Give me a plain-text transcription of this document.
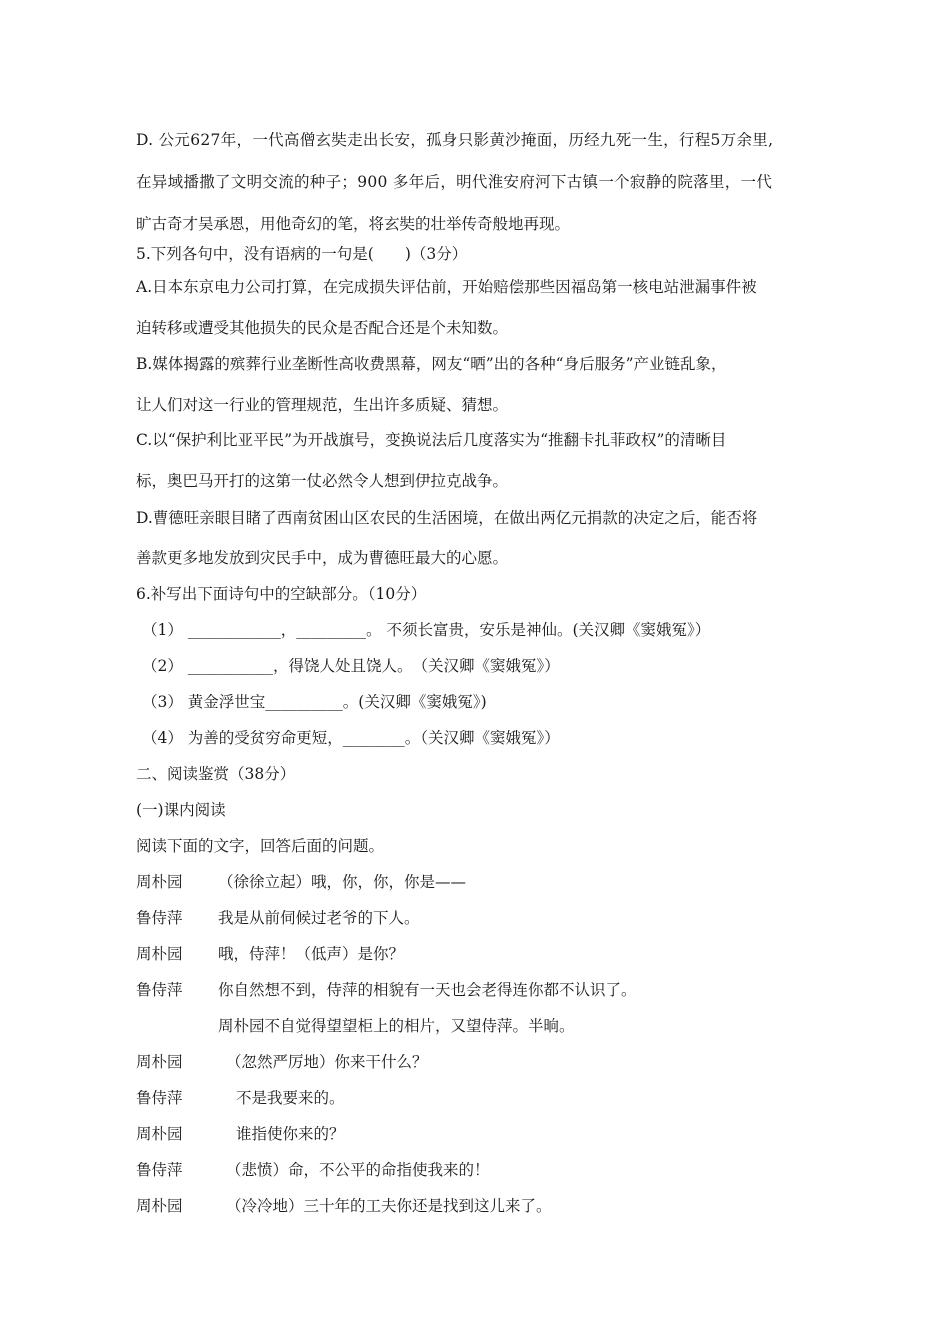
D. 公元627年，一代高僧玄奘走出长安，孤身只影黄沙掩面，历经九死一生，行程5万余里,
在异域播撒了文明交流的种子；900 多年后，明代淮安府河下古镇一个寂静的院落里，一代
旷古奇才吴承恩，用他奇幻的笔，将玄奘的壮举传奇般地再现。
5.下列各句中，没有语病的一句是(　　)（3分）
A.日本东京电力公司打算，在完成损失评估前，开始赔偿那些因福岛第一核电站泄漏事件被
迫转移或遭受其他损失的民众是否配合还是个未知数。
B.媒体揭露的殡葬行业垄断性高收费黑幕，网友“晒”出的各种“身后服务”产业链乱象，
让人们对这一行业的管理规范，生出许多质疑、猜想。
C.以“保护利比亚平民”为开战旗号，变换说法后几度落实为“推翻卡扎菲政权”的清晰目
标，奥巴马开打的这第一仗必然令人想到伊拉克战争。
D.曹德旺亲眼目睹了西南贫困山区农民的生活困境，在做出两亿元捐款的决定之后，能否将
善款更多地发放到灾民手中，成为曹德旺最大的心愿。
6.补写出下面诗句中的空缺部分。（10分）
（1） ____________，_________。 不须长富贵，安乐是神仙。(关汉卿《窦娥冤》）
（2） ___________，得饶人处且饶人。　（关汉卿《窦娥冤》）
（3） 黄金浮世宝__________。(关汉卿《窦娥冤》)
（4） 为善的受贫穷命更短，________。（关汉卿《窦娥冤》）
二、阅读鉴赏（38分）
(一)课内阅读
阅读下面的文字，回答后面的问题。
周朴园 （徐徐立起）哦，你，你，你是——
鲁侍萍 我是从前伺候过老爷的下人。
周朴园 哦，侍萍！（低声）是你？
鲁侍萍 你自然想不到，侍萍的相貌有一天也会老得连你都不认识了。
周朴园不自觉得望望柜上的相片，又望侍萍。半晌。
周朴园	（忽然严厉地）你来干什么？
鲁侍萍	不是我要来的。
周朴园	谁指使你来的？
鲁侍萍	（悲愤）命，不公平的命指使我来的！
周朴园	（冷冷地）三十年的工夫你还是找到这儿来了。
